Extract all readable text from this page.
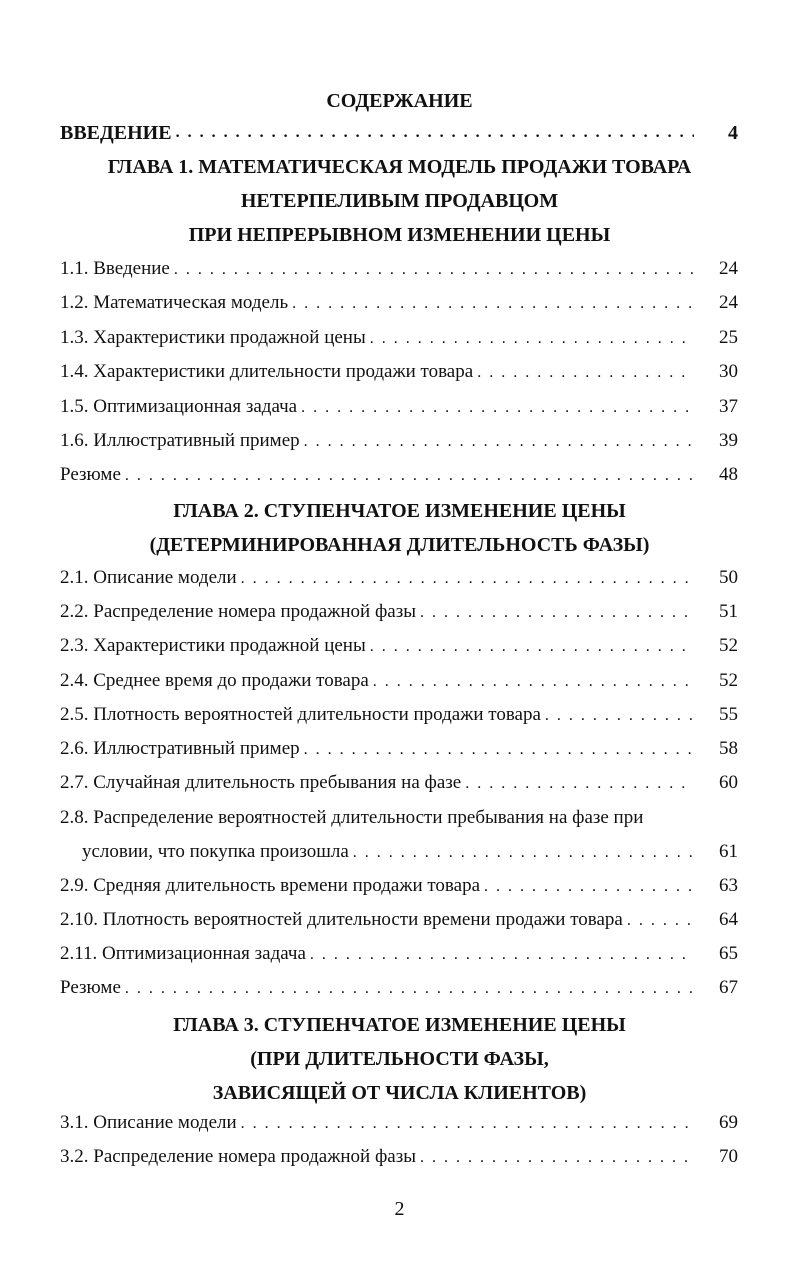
СОДЕРЖАНИЕ
ВВЕДЕНИЕ . . .	4
ГЛАВА 1. МАТЕМАТИЧЕСКАЯ МОДЕЛЬ ПРОДАЖИ ТОВАРА
НЕТЕРПЕЛИВЫМ ПРОДАВЦОМ
ПРИ НЕПРЕРЫВНОМ ИЗМЕНЕНИИ ЦЕНЫ
1.1. Введение . . .	24
1.2. Математическая модель . . .	24
1.3. Характеристики продажной цены . . .	25
1.4. Характеристики длительности продажи товара . . .	30
1.5. Оптимизационная задача . . .	37
1.6. Иллюстративный пример . . .	39
Резюме . . .	48
ГЛАВА 2. СТУПЕНЧАТОЕ ИЗМЕНЕНИЕ ЦЕНЫ
(ДЕТЕРМИНИРОВАННАЯ ДЛИТЕЛЬНОСТЬ ФАЗЫ)
2.1. Описание модели . . .	50
2.2. Распределение номера продажной фазы . . .	51
2.3. Характеристики продажной цены . . .	52
2.4. Среднее время до продажи товара . . .	52
2.5. Плотность вероятностей длительности продажи товара . . .	55
2.6. Иллюстративный пример . . .	58
2.7. Случайная длительность пребывания на фазе . . .	60
2.8. Распределение вероятностей длительности пребывания на фазе при
условии, что покупка произошла . . .	61
2.9. Средняя длительность времени продажи товара . . .	63
2.10. Плотность вероятностей длительности времени продажи товара . . .	64
2.11. Оптимизационная задача . . .	65
Резюме . . .	67
ГЛАВА 3. СТУПЕНЧАТОЕ ИЗМЕНЕНИЕ ЦЕНЫ
(ПРИ ДЛИТЕЛЬНОСТИ ФАЗЫ,
ЗАВИСЯЩЕЙ ОТ ЧИСЛА КЛИЕНТОВ)
3.1. Описание модели . . .	69
3.2. Распределение номера продажной фазы . . .	70
2
